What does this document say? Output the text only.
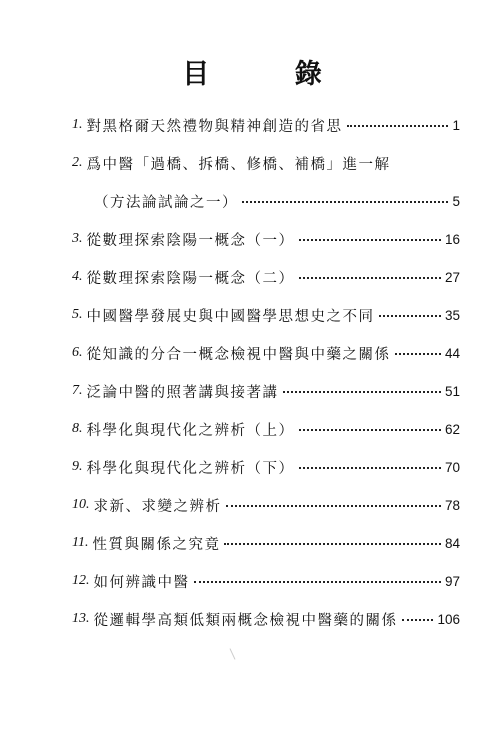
目 錄
1. 對黑格爾天然禮物與精神創造的省思	1
2. 爲中醫「過橋、拆橋、修橋、補橋」進一解
（方法論試論之一）	5
3. 從數理探索陰陽一概念（一）	16
4. 從數理探索陰陽一概念（二）	27
5. 中國醫學發展史與中國醫學思想史之不同	35
6. 從知識的分合一概念檢視中醫與中藥之關係	44
7. 泛論中醫的照著講與接著講	51
8. 科學化與現代化之辨析（上）	62
9. 科學化與現代化之辨析（下）	70
10. 求新、求變之辨析	78
11. 性質與關係之究竟	84
12. 如何辨識中醫	97
13. 從邏輯學高類低類兩概念檢視中醫藥的關係	106
